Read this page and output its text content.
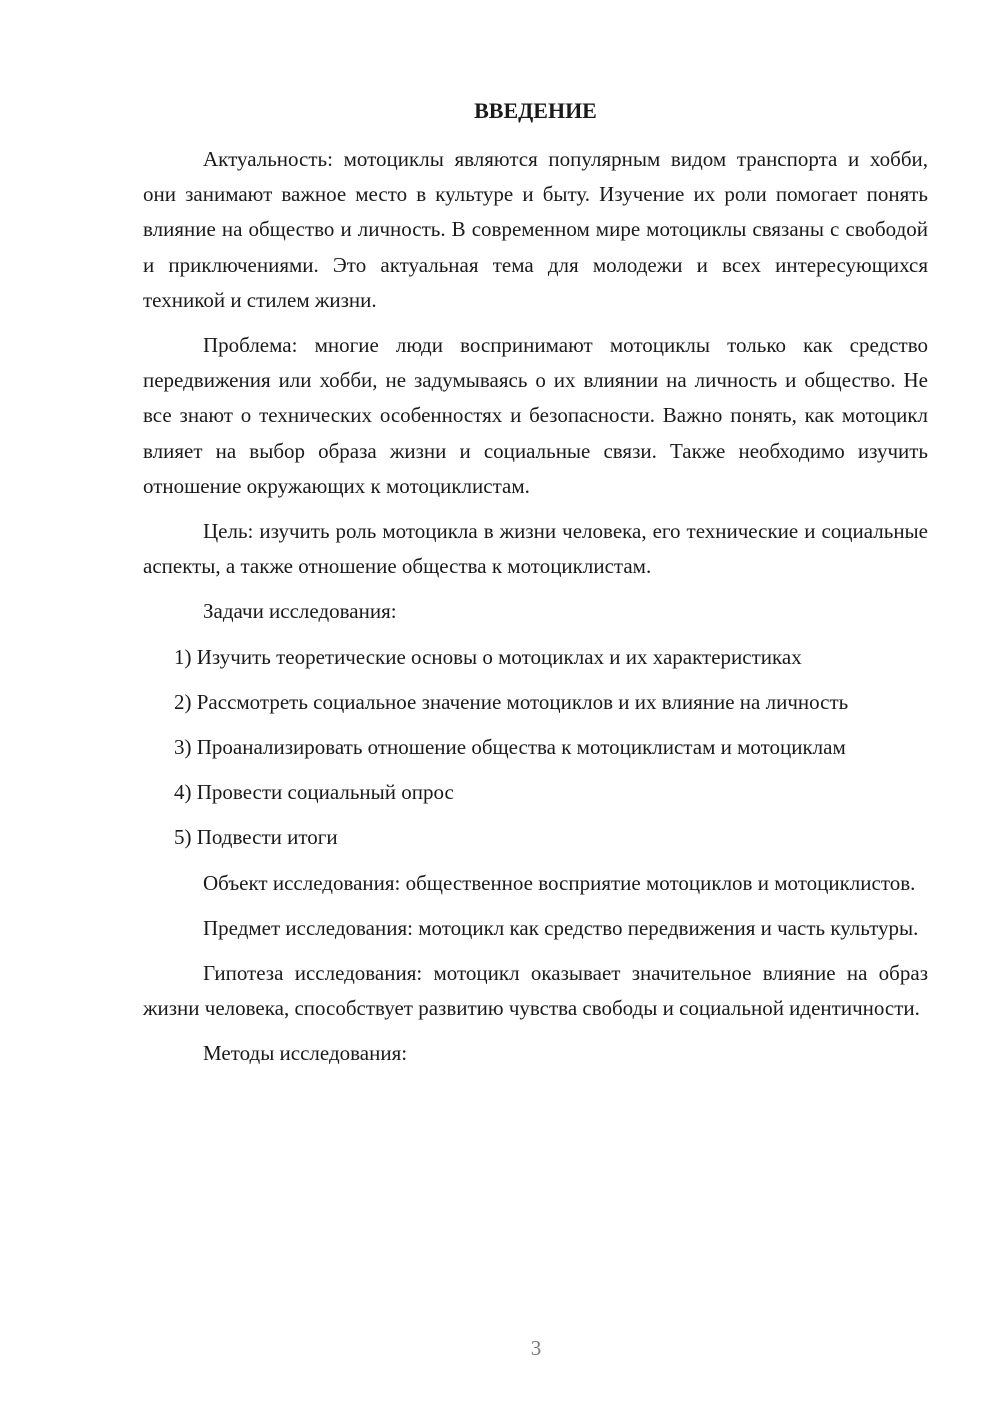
ВВЕДЕНИЕ

Актуальность: мотоциклы являются популярным видом транспорта и хобби, они занимают важное место в культуре и быту. Изучение их роли помогает понять влияние на общество и личность. В современном мире мотоциклы связаны с свободой и приключениями. Это актуальная тема для молодежи и всех интересующихся техникой и стилем жизни.

Проблема: многие люди воспринимают мотоциклы только как средство передвижения или хобби, не задумываясь о их влиянии на личность и общество. Не все знают о технических особенностях и безопасности. Важно понять, как мотоцикл влияет на выбор образа жизни и социальные связи. Также необходимо изучить отношение окружающих к мотоциклистам.

Цель: изучить роль мотоцикла в жизни человека, его технические и социальные аспекты, а также отношение общества к мотоциклистам.

Задачи исследования:

1) Изучить теоретические основы о мотоциклах и их характеристиках

2) Рассмотреть социальное значение мотоциклов и их влияние на личность

3) Проанализировать отношение общества к мотоциклистам и мотоциклам

4) Провести социальный опрос

5) Подвести итоги

Объект исследования: общественное восприятие мотоциклов и мотоциклистов.

Предмет исследования: мотоцикл как средство передвижения и часть культуры.

Гипотеза исследования: мотоцикл оказывает значительное влияние на образ жизни человека, способствует развитию чувства свободы и социальной идентичности.

Методы исследования:

3
